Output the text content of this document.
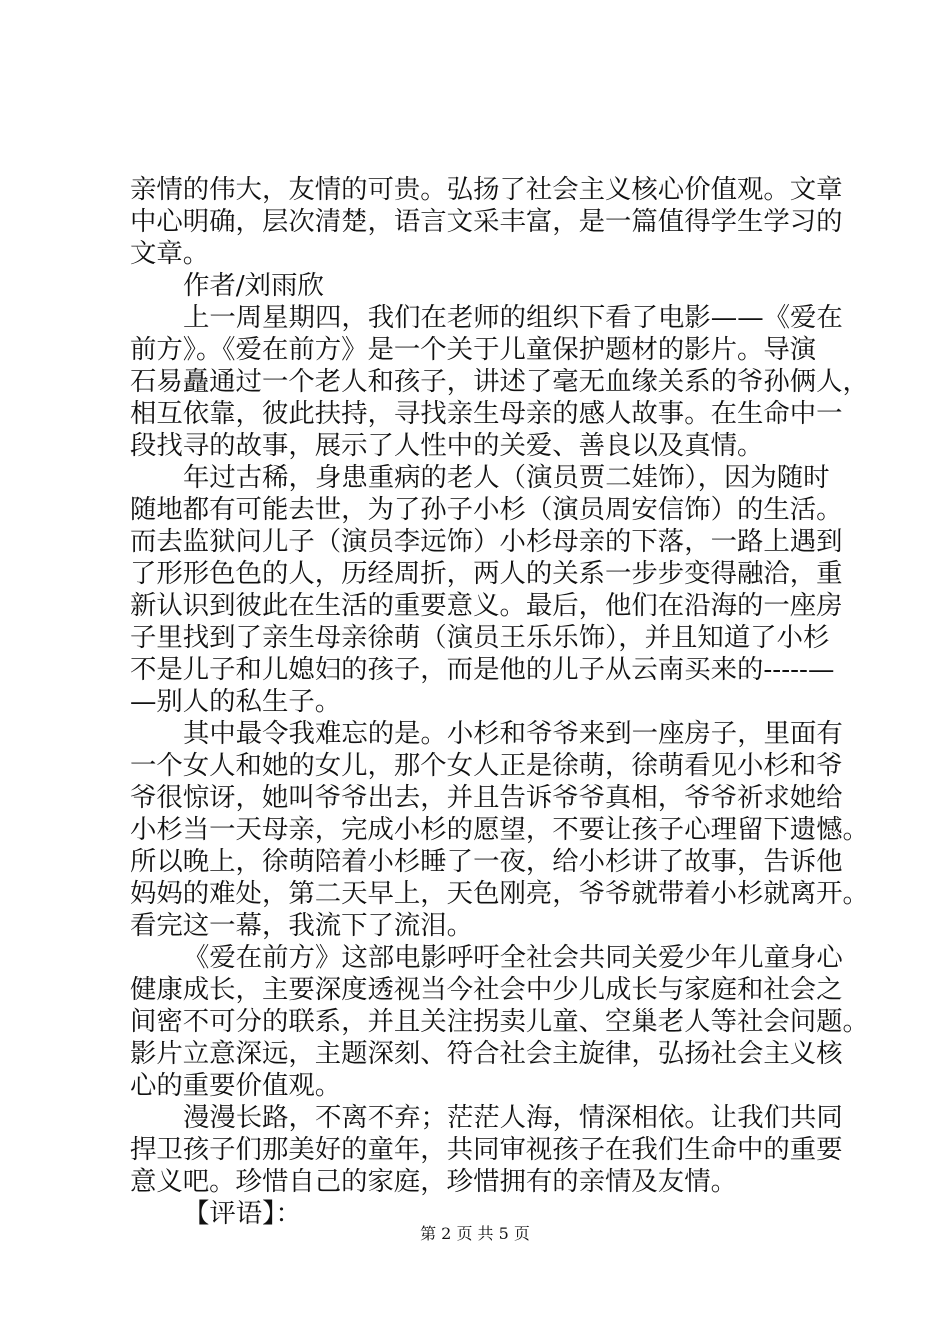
亲情的伟大，友情的可贵。弘扬了社会主义核心价值观。文章
中心明确，层次清楚，语言文采丰富，是一篇值得学生学习的
文章。
作者/刘雨欣
上一周星期四，我们在老师的组织下看了电影——《爱在
前方》。《爱在前方》是一个关于儿童保护题材的影片。导演
石易矗通过一个老人和孩子，讲述了毫无血缘关系的爷孙俩人，
相互依靠，彼此扶持，寻找亲生母亲的感人故事。在生命中一
段找寻的故事，展示了人性中的关爱、善良以及真情。
年过古稀，身患重病的老人（演员贾二娃饰），因为随时
随地都有可能去世，为了孙子小杉（演员周安信饰）的生活。
而去监狱问儿子（演员李远饰）小杉母亲的下落，一路上遇到
了形形色色的人，历经周折，两人的关系一步步变得融洽，重
新认识到彼此在生活的重要意义。最后，他们在沿海的一座房
子里找到了亲生母亲徐萌（演员王乐乐饰），并且知道了小杉
不是儿子和儿媳妇的孩子，而是他的儿子从云南买来的-----—
—别人的私生子。
其中最令我难忘的是。小杉和爷爷来到一座房子，里面有
一个女人和她的女儿，那个女人正是徐萌，徐萌看见小杉和爷
爷很惊讶，她叫爷爷出去，并且告诉爷爷真相，爷爷祈求她给
小杉当一天母亲，完成小杉的愿望，不要让孩子心理留下遗憾。
所以晚上，徐萌陪着小杉睡了一夜，给小杉讲了故事，告诉他
妈妈的难处，第二天早上，天色刚亮，爷爷就带着小杉就离开。
看完这一幕，我流下了流泪。
《爱在前方》这部电影呼吁全社会共同关爱少年儿童身心
健康成长，主要深度透视当今社会中少儿成长与家庭和社会之
间密不可分的联系，并且关注拐卖儿童、空巢老人等社会问题。
影片立意深远，主题深刻、符合社会主旋律，弘扬社会主义核
心的重要价值观。
漫漫长路，不离不弃；茫茫人海，情深相依。让我们共同
捍卫孩子们那美好的童年，共同审视孩子在我们生命中的重要
意义吧。珍惜自己的家庭，珍惜拥有的亲情及友情。
【评语】：
第 2 页 共 5 页
